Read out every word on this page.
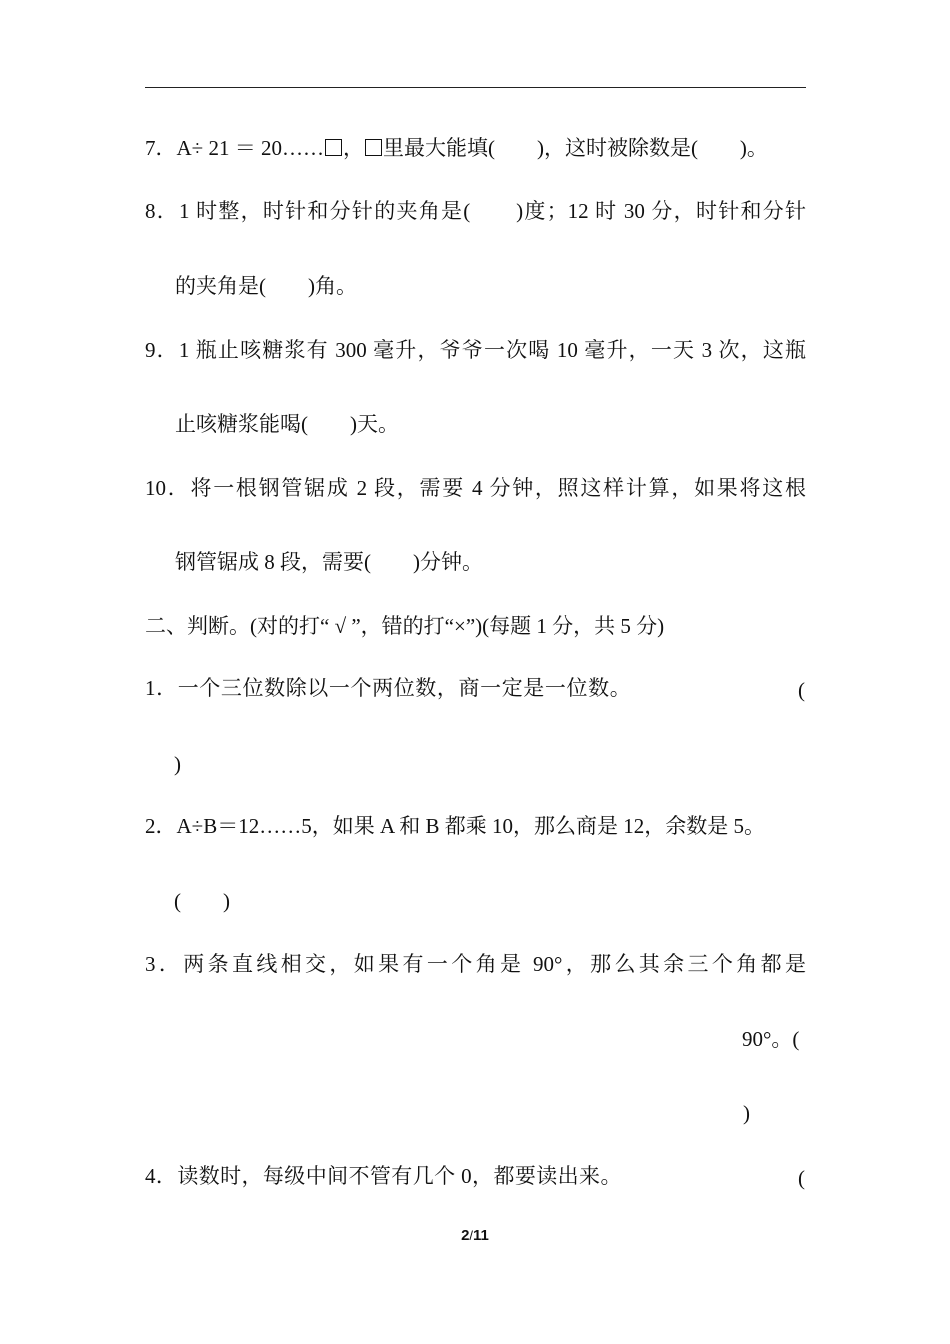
7．A÷ 21 ＝ 20…… ， 里最大能填(　　)，这时被除数是(　　)。
8．1 时整，时针和分针的夹角是(　　)度；12 时 30 分，时针和分针
的夹角是(　　)角。
9．1 瓶止咳糖浆有 300 毫升，爷爷一次喝 10 毫升，一天 3 次，这瓶
止咳糖浆能喝(　　)天。
10．将一根钢管锯成 2 段，需要 4 分钟，照这样计算，如果将这根
钢管锯成 8 段，需要(　　)分钟。
二、判断。(对的打“ √ ”，错的打“×”)(每题 1 分，共 5 分)
1．一个三位数除以一个两位数，商一定是一位数。	(
)
2．A÷B＝12……5，如果 A 和 B 都乘 10，那么商是 12，余数是 5。
(　　)
3．两条直线相交，如果有一个角是 90°，那么其余三个角都是
90°。(
)
4．读数时，每级中间不管有几个 0，都要读出来。	(
2/11
